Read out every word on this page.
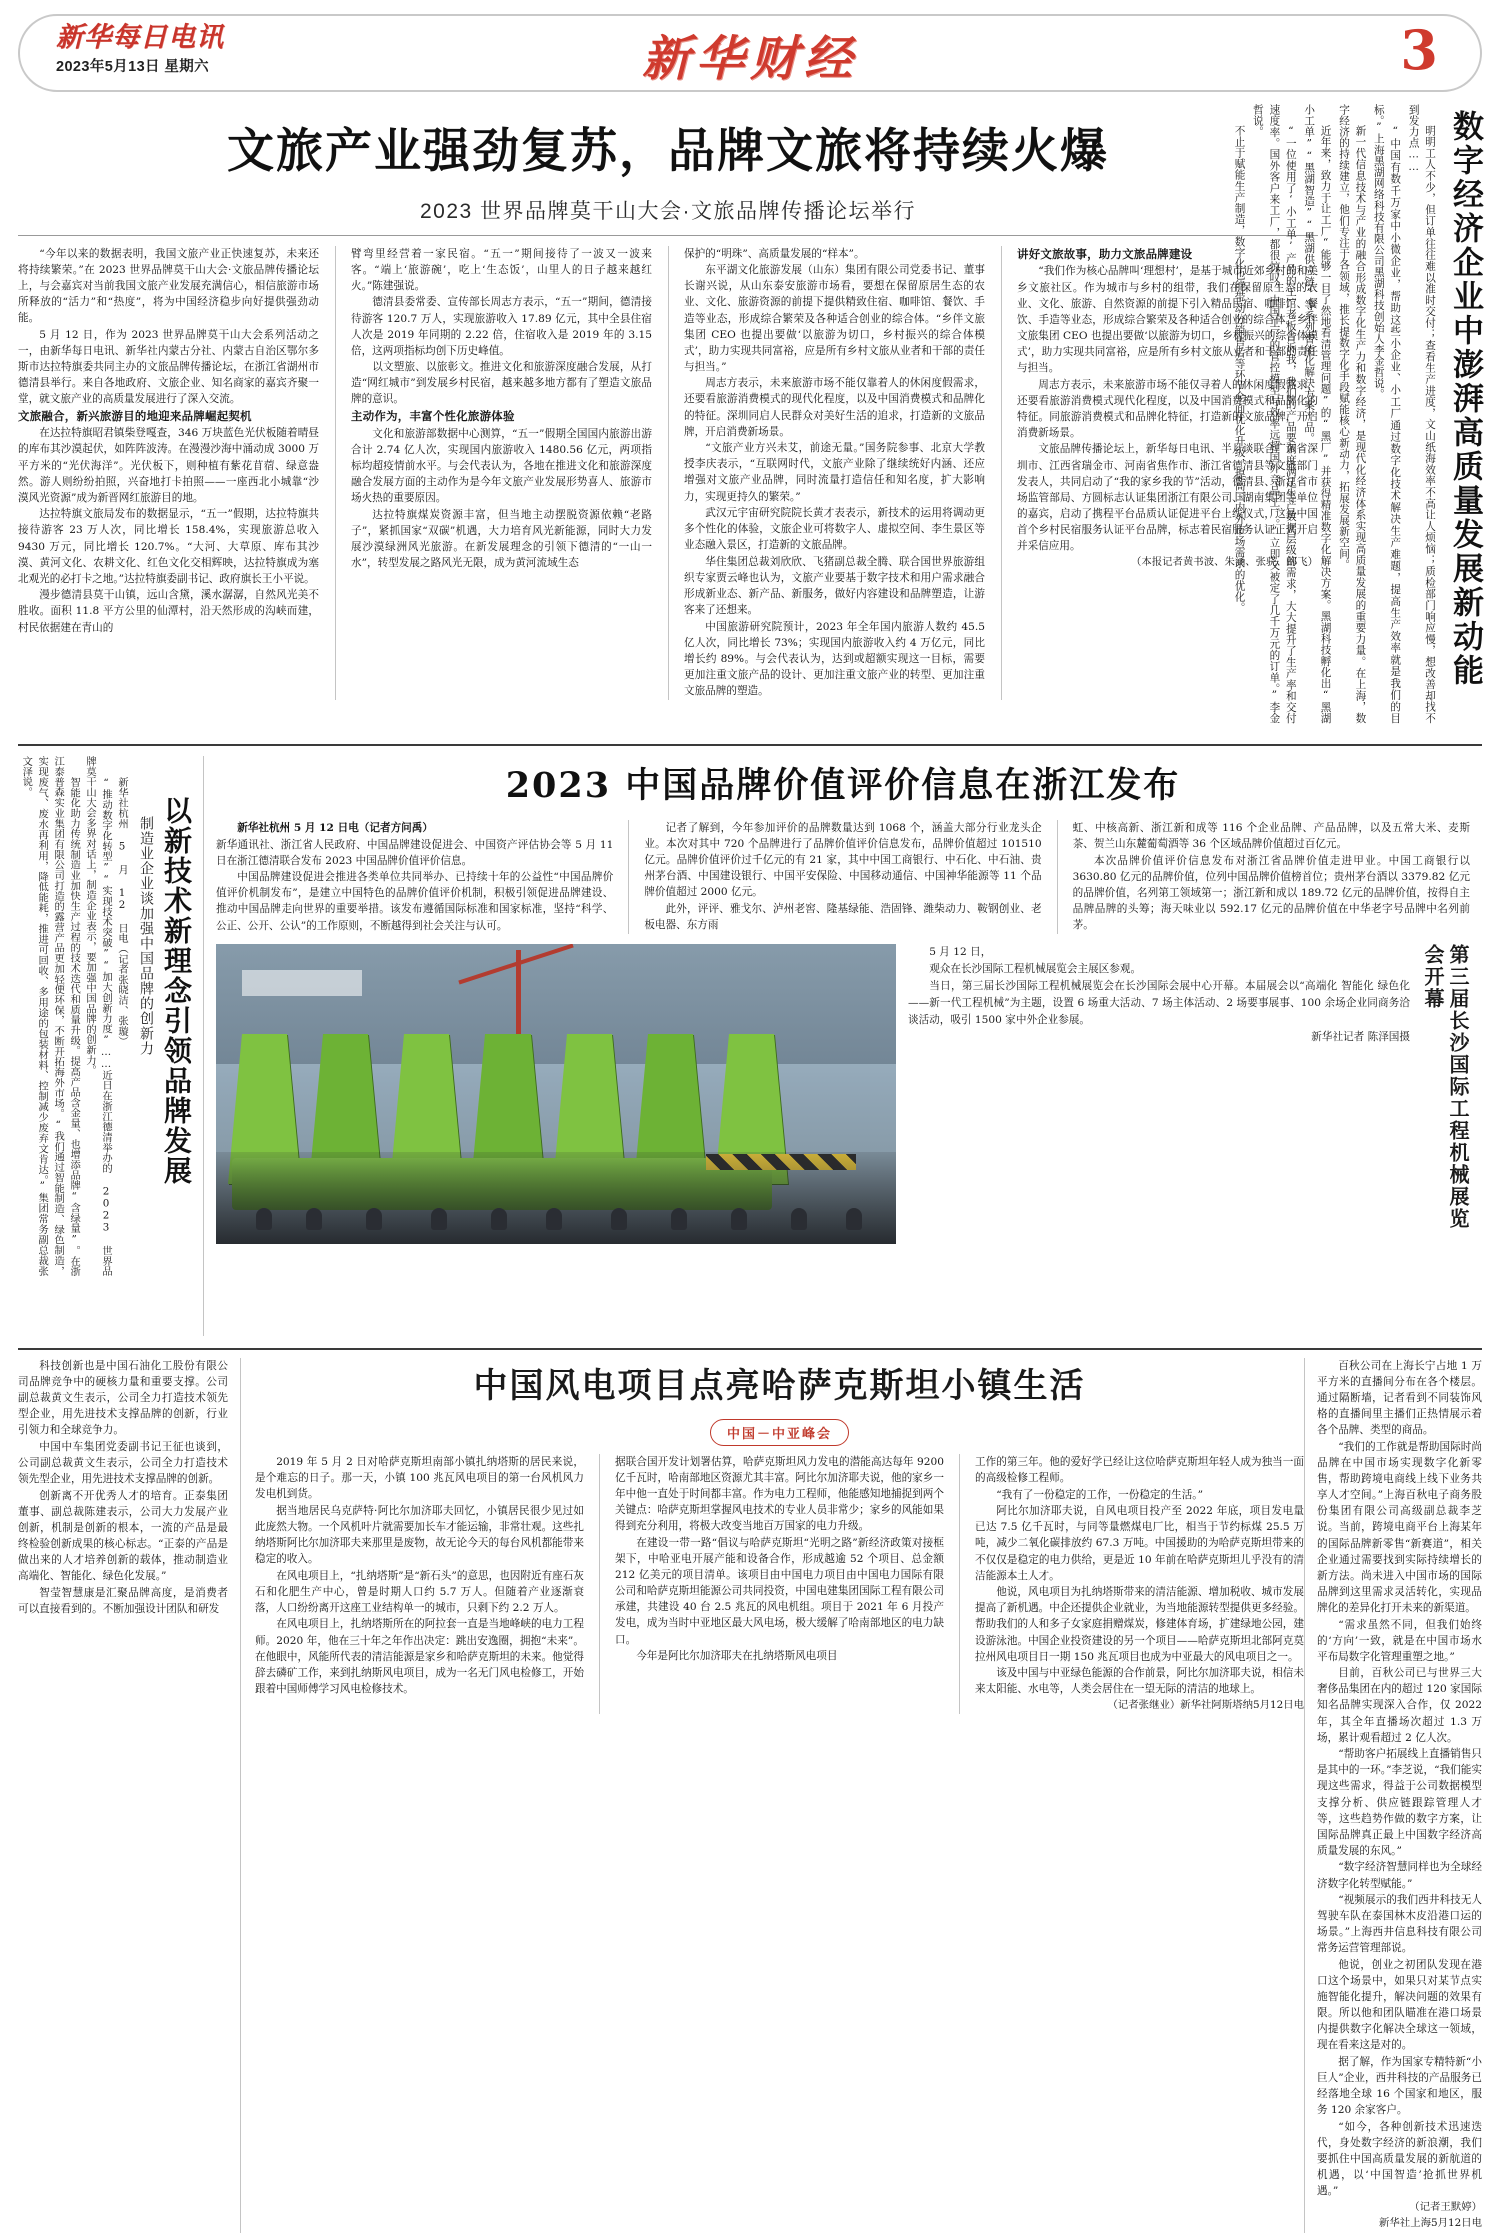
新华每日电讯
2023年5月13日 星期六	新华财经	3
文旅产业强劲复苏，品牌文旅将持续火爆
2023 世界品牌莫干山大会·文旅品牌传播论坛举行

“今年以来的数据表明，我国文旅产业正快速复苏，未来还将持续繁荣。”在 2023 世界品牌莫干山大会·文旅品牌传播论坛上，与会嘉宾对当前我国文旅产业发展充满信心，相信旅游市场所释放的“活力”和“热度”，将为中国经济稳步向好提供强劲动能。

5 月 12 日，作为 2023 世界品牌莫干山大会系列活动之一，由新华每日电讯、新华社内蒙古分社、内蒙古自治区鄂尔多斯市达拉特旗委共同主办的文旅品牌传播论坛，在浙江省湖州市德清县举行。来自各地政府、文旅企业、知名商家的嘉宾齐聚一堂，就文旅产业的高质量发展进行了深入交流。

文旅融合，新兴旅游目的地迎来品牌崛起契机

在达拉特旗昭君镇柴登嘎查，346 万块蓝色光伏板随着晴昼的库布其沙漠起伏，如阵阵波涛。在漫漫沙海中涌动成 3000 万平方米的“光伏海洋”。光伏板下，则种植有紫花苜蓿、绿意盎然。游人则纷纷拍照，兴奋地打卡拍照——一座西北小城靠“沙漠风光资源”成为新晋网红旅游目的地。

达拉特旗文旅局发布的数据显示，“五一”假期，达拉特旗共接待游客 23 万人次，同比增长 158.4%，实现旅游总收入 9430 万元，同比增长 120.7%。“大河、大草原、库布其沙漠、黄河文化、农耕文化、红色文化交相辉映，达拉特旗成为塞北观光的必打卡之地。”达拉特旗委副书记、政府旗长王小平说。

漫步德清县莫干山镇，远山含黛，溪水潺潺，自然风光美不胜收。面积 11.8 平方公里的仙潭村，沿天然形成的沟峡而建，村民依据建在青山的

臂弯里经营着一家民宿。“五一”期间接待了一波又一波来客。“端上‘旅游碗’，吃上‘生态饭’，山里人的日子越来越红火。”陈建强说。

德清县委常委、宣传部长周志方表示，“五一”期间，德清接待游客 120.7 万人，实现旅游收入 17.89 亿元，其中全县住宿人次是 2019 年同期的 2.22 倍，住宿收入是 2019 年的 3.15 倍，这两项指标均创下历史峰值。

以文塑旅、以旅彰文。推进文化和旅游深度融合发展，从打造“网红城市”到发展乡村民宿，越来越多地方都有了塑造文旅品牌的意识。

主动作为，丰富个性化旅游体验

文化和旅游部数据中心测算，“五一”假期全国国内旅游出游合计 2.74 亿人次，实现国内旅游收入 1480.56 亿元，两项指标均超疫情前水平。与会代表认为，各地在推进文化和旅游深度融合发展方面的主动作为是今年文旅产业发展形势喜人、旅游市场火热的重要原因。

达拉特旗煤炭资源丰富，但当地主动摆脱资源依赖“老路子”，紧抓国家“双碳”机遇，大力培育风光新能源，同时大力发展沙漠绿洲风光旅游。在新发展理念的引领下德清的“一山一水”，转型发展之路风光无限，成为黄河流域生态

保护的“明珠”、高质量发展的“样本”。

东平湖文化旅游发展（山东）集团有限公司党委书记、董事长谢兴说，从山东泰安旅游市场看，要想在保留原居生态的农业、文化、旅游资源的前提下提供精致住宿、咖啡馆、餐饮、手造等业态，形成综合繁荣及各种适合创业的综合体。“乡伴文旅集团 CEO 也提出要做‘以旅游为切口，乡村振兴的综合体模式’，助力实现共同富裕，应是所有乡村文旅从业者和干部的责任与担当。”

周志方表示，未来旅游市场不能仅靠着人的休闲度假需求，还要看旅游消费模式的现代化程度，以及中国消费模式和品牌化的特征。深圳同启人民群众对美好生活的追求，打造新的文旅品牌，开启消费新场景。

“文旅产业方兴未艾，前途无量。”国务院参事、北京大学教授李庆表示，“互联网时代，文旅产业除了继续统好内涵、还应增强对文旅产业品牌，同时流量打造信任和知名度，扩大影响力，实现更持久的繁荣。”

武汉元宇宙研究院院长黄才表表示，新技术的运用将调动更多个性化的体验，文旅企业可将数字人、虚拟空间、李生景区等业态融入景区，打造新的文旅品牌。

华住集团总裁刘欣欣、飞猪副总裁全腾、联合国世界旅游组织专家贾云峰也认为，文旅产业要基于数字技术和用户需求融合形成新业态、新产品、新服务，做好内容建设和品牌塑造，让游客来了还想来。

中国旅游研究院预计，2023 年全年国内旅游人数约 45.5 亿人次，同比增长 73%；实现国内旅游收入约 4 万亿元，同比增长约 89%。与会代表认为，达到或超额实现这一目标，需要更加注重文旅产品的设计、更加注重文旅产业的转型、更加注重文旅品牌的塑造。

讲好文旅故事，助力文旅品牌建设

“我们作为核心品牌叫‘理想村’，是基于城市近郊乡村的和美乡文旅社区。作为城市与乡村的组带，我们在保留原生态的农业、文化、旅游、自然资源的前提下引入精品民宿、咖啡馆、餐饮、手造等业态，形成综合繁荣及各种适合创业的综合体。”乡伴文旅集团 CEO 也提出要做‘以旅游为切口，乡村振兴的综合体模式’，助力实现共同富裕，应是所有乡村文旅从业者和干部的责任与担当。

周志方表示，未来旅游市场不能仅寻着人的休闲度假需求，还要看旅游消费模式现代化程度，以及中国消费模式和品牌化的特征。同旅游消费模式和品牌化特征，打造新的文旅品牌，开启消费新场景。

文旅品牌传播论坛上，新华每日电讯、半月谈联合广东省深圳市、江西省瑞金市、河南省焦作市、浙江省德清县等文旅部门发表人，共同启动了“我的家乡我的节”活动，德清县、浙江省市场监管部局、方圆标志认证集团浙江有限公司、湖南集团等单位的嘉宾，启动了携程平台品质认证促进平台上线仪式，这是中国首个乡村民宿服务认证平台品牌，标志着民宿服务认证正式开启并采信应用。

（本报记者黄书波、朱涵、张骁、邰飞）	数字经济企业中澎湃高质量发展新动能

明明工人不少，但订单往往难以准时交付；查看生产进度，文山纸海效率不高让人烦恼；质检部门响应慢，想改善却找不到发力点……

“中国有数千万家中小微企业，帮助这些小企业、小工厂通过数字化技术解决生产难题，提高生产效率就是我们的目标。”上海黑湖网络科技有限公司黑湖科技创始人李金哲说。

新一代信息技术与产业的融合形成数字化生产力和数字经济，是现代化经济体系实现高质量发展的重要力量。在上海，数字经济的持续建立，他们专注于各领域，推长提数字化手段赋能核心新动力，拓展发展新空间。

近年来，致力于让工厂“能够一目了然地看清管理问题”的“黑厂”并获得精准数字化解决方案。黑湖科技孵化出“黑湖小工单”“黑湖智造”“黑湖供应链”等系列智能化解决方案产品。

“一位使用了‘小工单’产品的工厂老板告诉我，我们的产品要调度满足生产数据层级的需求，大大提升了生产率和交付速度率。国外客户来工厂，都很惊叹，中国工厂的管控模型与效率远超国外竞品工厂。”立即又被定了几千万元的订单。”李金哲说。

不止于赋能生产制造，数字化也能带动分销售后等环节全面优化升级，提高国内外市场需求的优化。

以新技术新理念引领品牌发展
制造业企业谈加强中国品牌的创新力

新华社杭州 5 月 12 日电（记者张晓洁、张璇）

“推动数字化转型”“实现技术突破”“加大创新力度”……近日在浙江德清举办的 2023 世界品牌莫干山大会多界对话上，制造企业表示，要加强中国品牌的创新力。

智能化助力传统制造业加快生产过程的技术迭代和质量升级。提高产品含金量、也增添品牌“含绿量”。在浙江泰普森实业集团有限公司打造的露营产品更加轻便环保，不断开拓海外市场。“我们通过智能制造、绿色制造，实现废气、废水再利用，降低能耗，推进可回收、多用途的包装材料、控制减少废弃文肯达。”集团常务副总裁张文泽说。	2023 中国品牌价值评价信息在浙江发布

新华社杭州 5 月 12 日电（记者方问禹）

新华通讯社、浙江省人民政府、中国品牌建设促进会、中国资产评估协会等 5 月 11 日在浙江德清联合发布 2023 中国品牌价值评价信息。

中国品牌建设促进会推进各类单位共同举办、已持续十年的公益性“中国品牌价值评价机制发布”，是建立中国特色的品牌价值评价机制，积极引领促进品牌建设、推动中国品牌走向世界的重要举措。该发布遵循国际标准和国家标准，坚持“科学、公正、公开、公认”的工作原则，不断越得到社会关注与认可。

记者了解到，今年参加评价的品牌数量达到 1068 个，涵盖大部分行业龙头企业。本次对其中 720 个品牌进行了品牌价值评价信息发布，品牌价值超过 101510 亿元。品牌价值评价过千亿元的有 21 家，其中中国工商银行、中石化、中石油、贵州茅台酒、中国建设银行、中国平安保险、中国移动通信、中国神华能源等 11 个品牌价值超过 2000 亿元。

此外，评评、雅戈尔、泸州老窖、隆基绿能、浩固锋、潍柴动力、鞍钢创业、老板电器、东方雨

虹、中核高新、浙江新和成等 116 个企业品牌、产品品牌，以及五常大米、麦斯茶、贺兰山东麓葡萄酒等 36 个区域品牌价值超过百亿元。

本次品牌价值评价信息发布对浙江省品牌价值走进甲业。中国工商银行以 3630.80 亿元的品牌价值，位列中国品牌价值榜首位；贵州茅台酒以 3379.82 亿元的品牌价值，名列第工领域第一；浙江新和成以 189.72 亿元的品牌价值，按得自主品牌品牌的头筹；海天味业以 592.17 亿元的品牌价值在中华老字号品牌中名列前茅。

5 月 12 日，

观众在长沙国际工程机械展览会主展区参观。

当日，第三届长沙国际工程机械展览会在长沙国际会展中心开幕。本届展会以“高端化 智能化 绿色化——新一代工程机械”为主题，设置 6 场重大活动、7 场主体活动、2 场要事展事、100 余场企业同商务洽谈活动，吸引 1500 家中外企业参展。

新华社记者 陈泽国摄	第三届长沙国际工程机械展览会开幕

科技创新也是中国石油化工股份有限公司品牌竞争中的硬核力量和重要支撑。公司副总裁黄文生表示，公司全力打造技术领先型企业，用先进技术支撑品牌的创新，行业引领力和全球竞争力。

中国中车集团党委副书记王征也谈到，公司副总裁黄文生表示，公司全力打造技术领先型企业，用先进技术支撑品牌的创新。

创新离不开优秀人才的培育。正泰集团董事、副总裁陈建表示，公司大力发展产业创新，机制是创新的根本，一流的产品是最终检验创新成果的核心标志。“正泰的产品是做出来的人才培养创新的载体，推动制造业高端化、智能化、绿色化发展。”

智莹智慧康是汇聚品牌高度，是消费者可以直接看到的。不断加强设计团队和研发

中国风电项目点亮哈萨克斯坦小镇生活
中国－中亚峰会

2019 年 5 月 2 日对哈萨克斯坦南部小镇扎纳塔斯的居民来说，是个难忘的日子。那一天，小镇 100 兆瓦风电项目的第一台风机风力发电机到货。

据当地居民乌克萨特·阿比尔加济耶夫回忆，小镇居民很少见过如此庞然大物。一个风机叶片就需要加长车才能运输，非常壮观。这些扎纳塔斯阿比尔加济耶夫来那里是废物，故无论今天的每台风机都能带来稳定的收入。

在风电项目上，“扎纳塔斯”是“新石头”的意思，也因附近有座石灰石和化肥生产中心，曾是时期人口约 5.7 万人。但随着产业逐渐衰落，人口纷纷离开这座工业结构单一的城市，只剩下约 2.2 万人。

在风电项目上，扎纳塔斯所在的阿拉套一直是当地峰峡的电力工程师。2020 年，他在三十年之年作出决定：跳出安逸圈，拥抱“未来”。在他眼中，风能所代表的清洁能源是家乡和哈萨克斯坦的未来。他觉得辞去磷矿工作，来到扎纳斯风电项目，成为一名无门风电检修工，开始跟着中国师傅学习风电检修技术。

据联合国开发计划署估算，哈萨克斯坦风力发电的潜能高达每年 9200 亿千瓦时，哈南部地区资源尤其丰富。阿比尔加济耶夫说，他的家乡一年中他一直处于时间都丰富。作为电力工程师，他能感知地捕捉到两个关键点：哈萨克斯坦掌握风电技术的专业人员非常少；家乡的风能如果得到充分利用，将极大改变当地百万国家的电力升级。

在建设一带一路“倡议与哈萨克斯坦“光明之路”新经济政策对接框架下，中哈亚电开展产能和设备合作，形成越逾 52 个项目、总金额 212 亿美元的项目清单。该项目由中国电力项目由中国电力国际有限公司和哈萨克斯坦能源公司共同投资，中国电建集团国际工程有限公司承建，共建设 40 台 2.5 兆瓦的风电机组。项目于 2021 年 6 月投产发电，成为当时中亚地区最大风电场，极大缓解了哈南部地区的电力缺口。

今年是阿比尔加济耶夫在扎纳塔斯风电项目

工作的第三年。他的爱好学已经让这位哈萨克斯坦年轻人成为独当一面的高级检修工程师。

“我有了一份稳定的工作，一份稳定的生活。”

阿比尔加济耶夫说，自风电项目投产至 2022 年底，项目发电量已达 7.5 亿千瓦时，与同等量燃煤电厂比，相当于节约标煤 25.5 万吨，减少二氧化碳排放约 67.3 万吨。中国援助的为哈萨克斯坦带来的不仅仅是稳定的电力供给，更是近 10 年前在哈萨克斯坦儿乎没有的清洁能源本土人才。

他说，风电项目为扎纳塔斯带来的清洁能源、增加税收、城市发展提高了新机遇。中企还提供企业就业，为当地能源转型提供更多经验。帮助我们的人和多子女家庭捐赠煤炭，修建体育场，扩建绿地公园，建设游泳池。中国企业投资建设的另一个项目——哈萨克斯坦北部阿克莫拉州风电项目日一期 150 兆瓦项目也成为中亚最大的风电项目之一。

该及中国与中亚绿色能源的合作前景，阿比尔加济耶夫说，相信未来太阳能、水电等，人类会居住在一望无际的清洁的地球上。

（记者张继业）新华社阿斯塔纳5月12日电

百秋公司在上海长宁占地 1 万平方米的直播间分布在各个楼层。通过隔断墙，记者看到不同装饰风格的直播间里主播们正热情展示着各个品牌、类型的商品。

“我们的工作就是帮助国际时尚品牌在中国市场实现数字化新零售，帮助跨境电商线上线下业务共享人才空间。”上海百秋电子商务股份集团有限公司高级副总裁李芝说。当前，跨境电商平台上海某年的国际品牌新零售“新赛道”，相关企业通过需要找到实际持续增长的新方法。尚未进入中国市场的国际品牌到这里需求灵活转化，实现品牌化的差异化打开未来的新渠道。

“需求虽然不同，但我们始终的‘方向’一致，就是在中国市场水平布局数字化管理重塑之地。”

目前，百秋公司已与世界三大奢侈品集团在内的超过 120 家国际知名品牌实现深入合作，仅 2022 年，其全年直播场次超过 1.3 万场，累计观看超过 2 亿人次。

“帮助客户拓展线上直播销售只是其中的一环。”李芝说，“我们能实现这些需求，得益于公司数据模型支撑分析、供应链跟踪管理人才等，这些趋势作做的数字方案，让国际品牌真正最上中国数字经济高质量发展的东风。”

“数字经济智慧同样也为全球经济数字化转型赋能。”

“视频展示的我们西井科技无人驾驶车队在泰国林木皮沿港口运的场景。”上海西井信息科技有限公司常务运营管理部说。

他说，创业之初团队发现在港口这个场景中，如果只对某节点实施智能化提升，解决问题的效果有限。所以他和团队瞄准在港口场景内提供数字化解决全球这一领域，现在看来这是对的。

据了解，作为国家专精特新“小巨人”企业，西井科技的产品服务已经落地全球 16 个国家和地区，服务 120 余家客户。

“如今，各种创新技术迅速迭代，身处数字经济的新浪潮，我们要抓住中国高质量发展的新航道的机遇，以‘中国智造’抢抓世界机遇。”

（记者王默婷）

新华社上海5月12日电
